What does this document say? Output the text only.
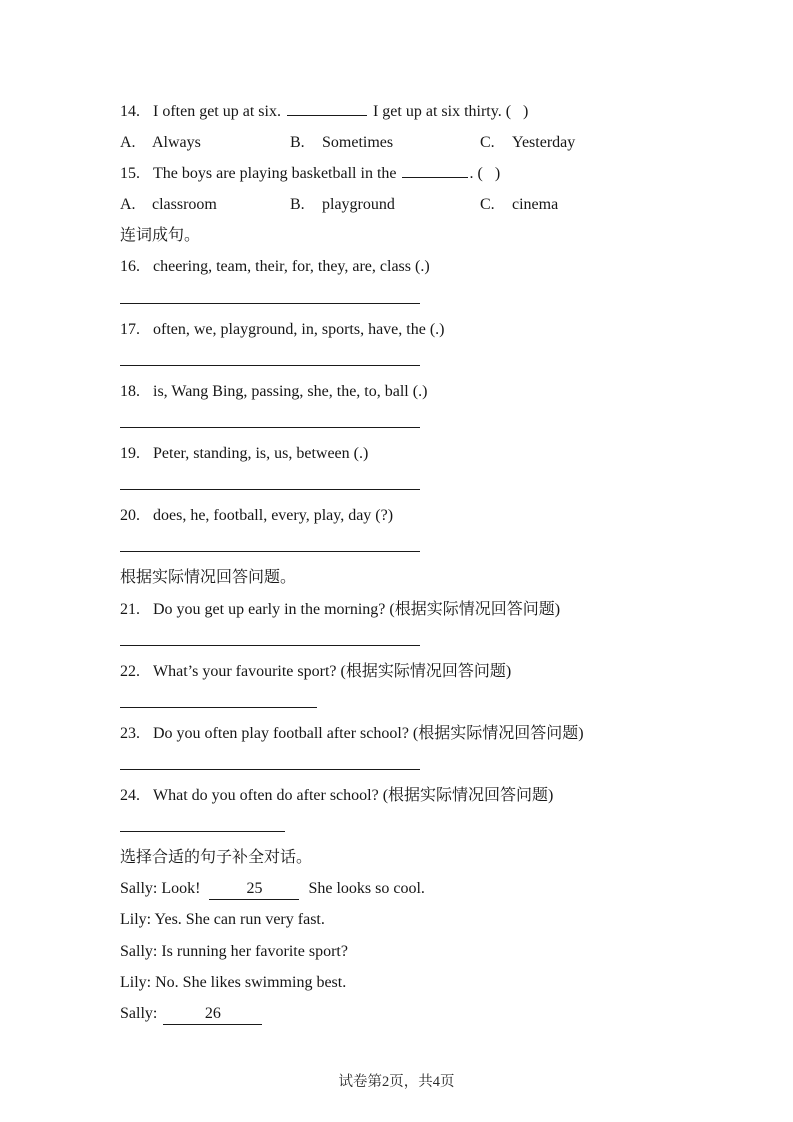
14. I often get up at six.	I get up at six thirty. (   )
A. Always	B. Sometimes	C. Yesterday
15. The boys are playing basketball in the	. (   )
A. classroom	B. playground	C. cinema
连词成句。
16. cheering, team, their, for, they, are, class (.)
17. often, we, playground, in, sports, have, the (.)
18. is, Wang Bing, passing, she, the, to, ball (.)
19. Peter, standing, is, us, between (.)
20. does, he, football, every, play, day (?)
根据实际情况回答问题。
21. Do you get up early in the morning? (根据实际情况回答问题)
22. What’s your favourite sport? (根据实际情况回答问题)
23. Do you often play football after school? (根据实际情况回答问题)
24. What do you often do after school? (根据实际情况回答问题)
选择合适的句子补全对话。
Sally: Look!	25	She looks so cool.
Lily: Yes. She can run very fast.
Sally: Is running her favorite sport?
Lily: No. She likes swimming best.
Sally:	26
试卷第2页，共4页
